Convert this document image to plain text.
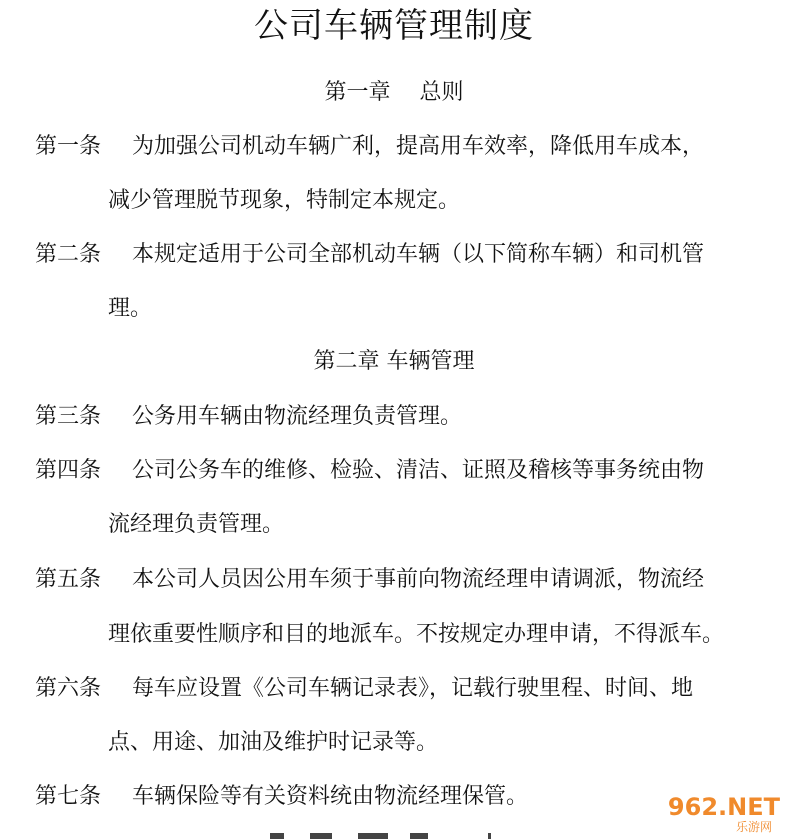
公司车辆管理制度
第一章　 总则
第一条 为加强公司机动车辆广利，提高用车效率，降低用车成本，
减少管理脱节现象，特制定本规定。
第二条 本规定适用于公司全部机动车辆（以下简称车辆）和司机管
理。
第二章 车辆管理
第三条 公务用车辆由物流经理负责管理。
第四条 公司公务车的维修、检验、清洁、证照及稽核等事务统由物
流经理负责管理。
第五条 本公司人员因公用车须于事前向物流经理申请调派，物流经
理依重要性顺序和目的地派车。不按规定办理申请，不得派车。
第六条 每车应设置《公司车辆记录表》，记载行驶里程、时间、地
点、用途、加油及维护时记录等。
第七条 车辆保险等有关资料统由物流经理保管。	962.NET
乐游网
